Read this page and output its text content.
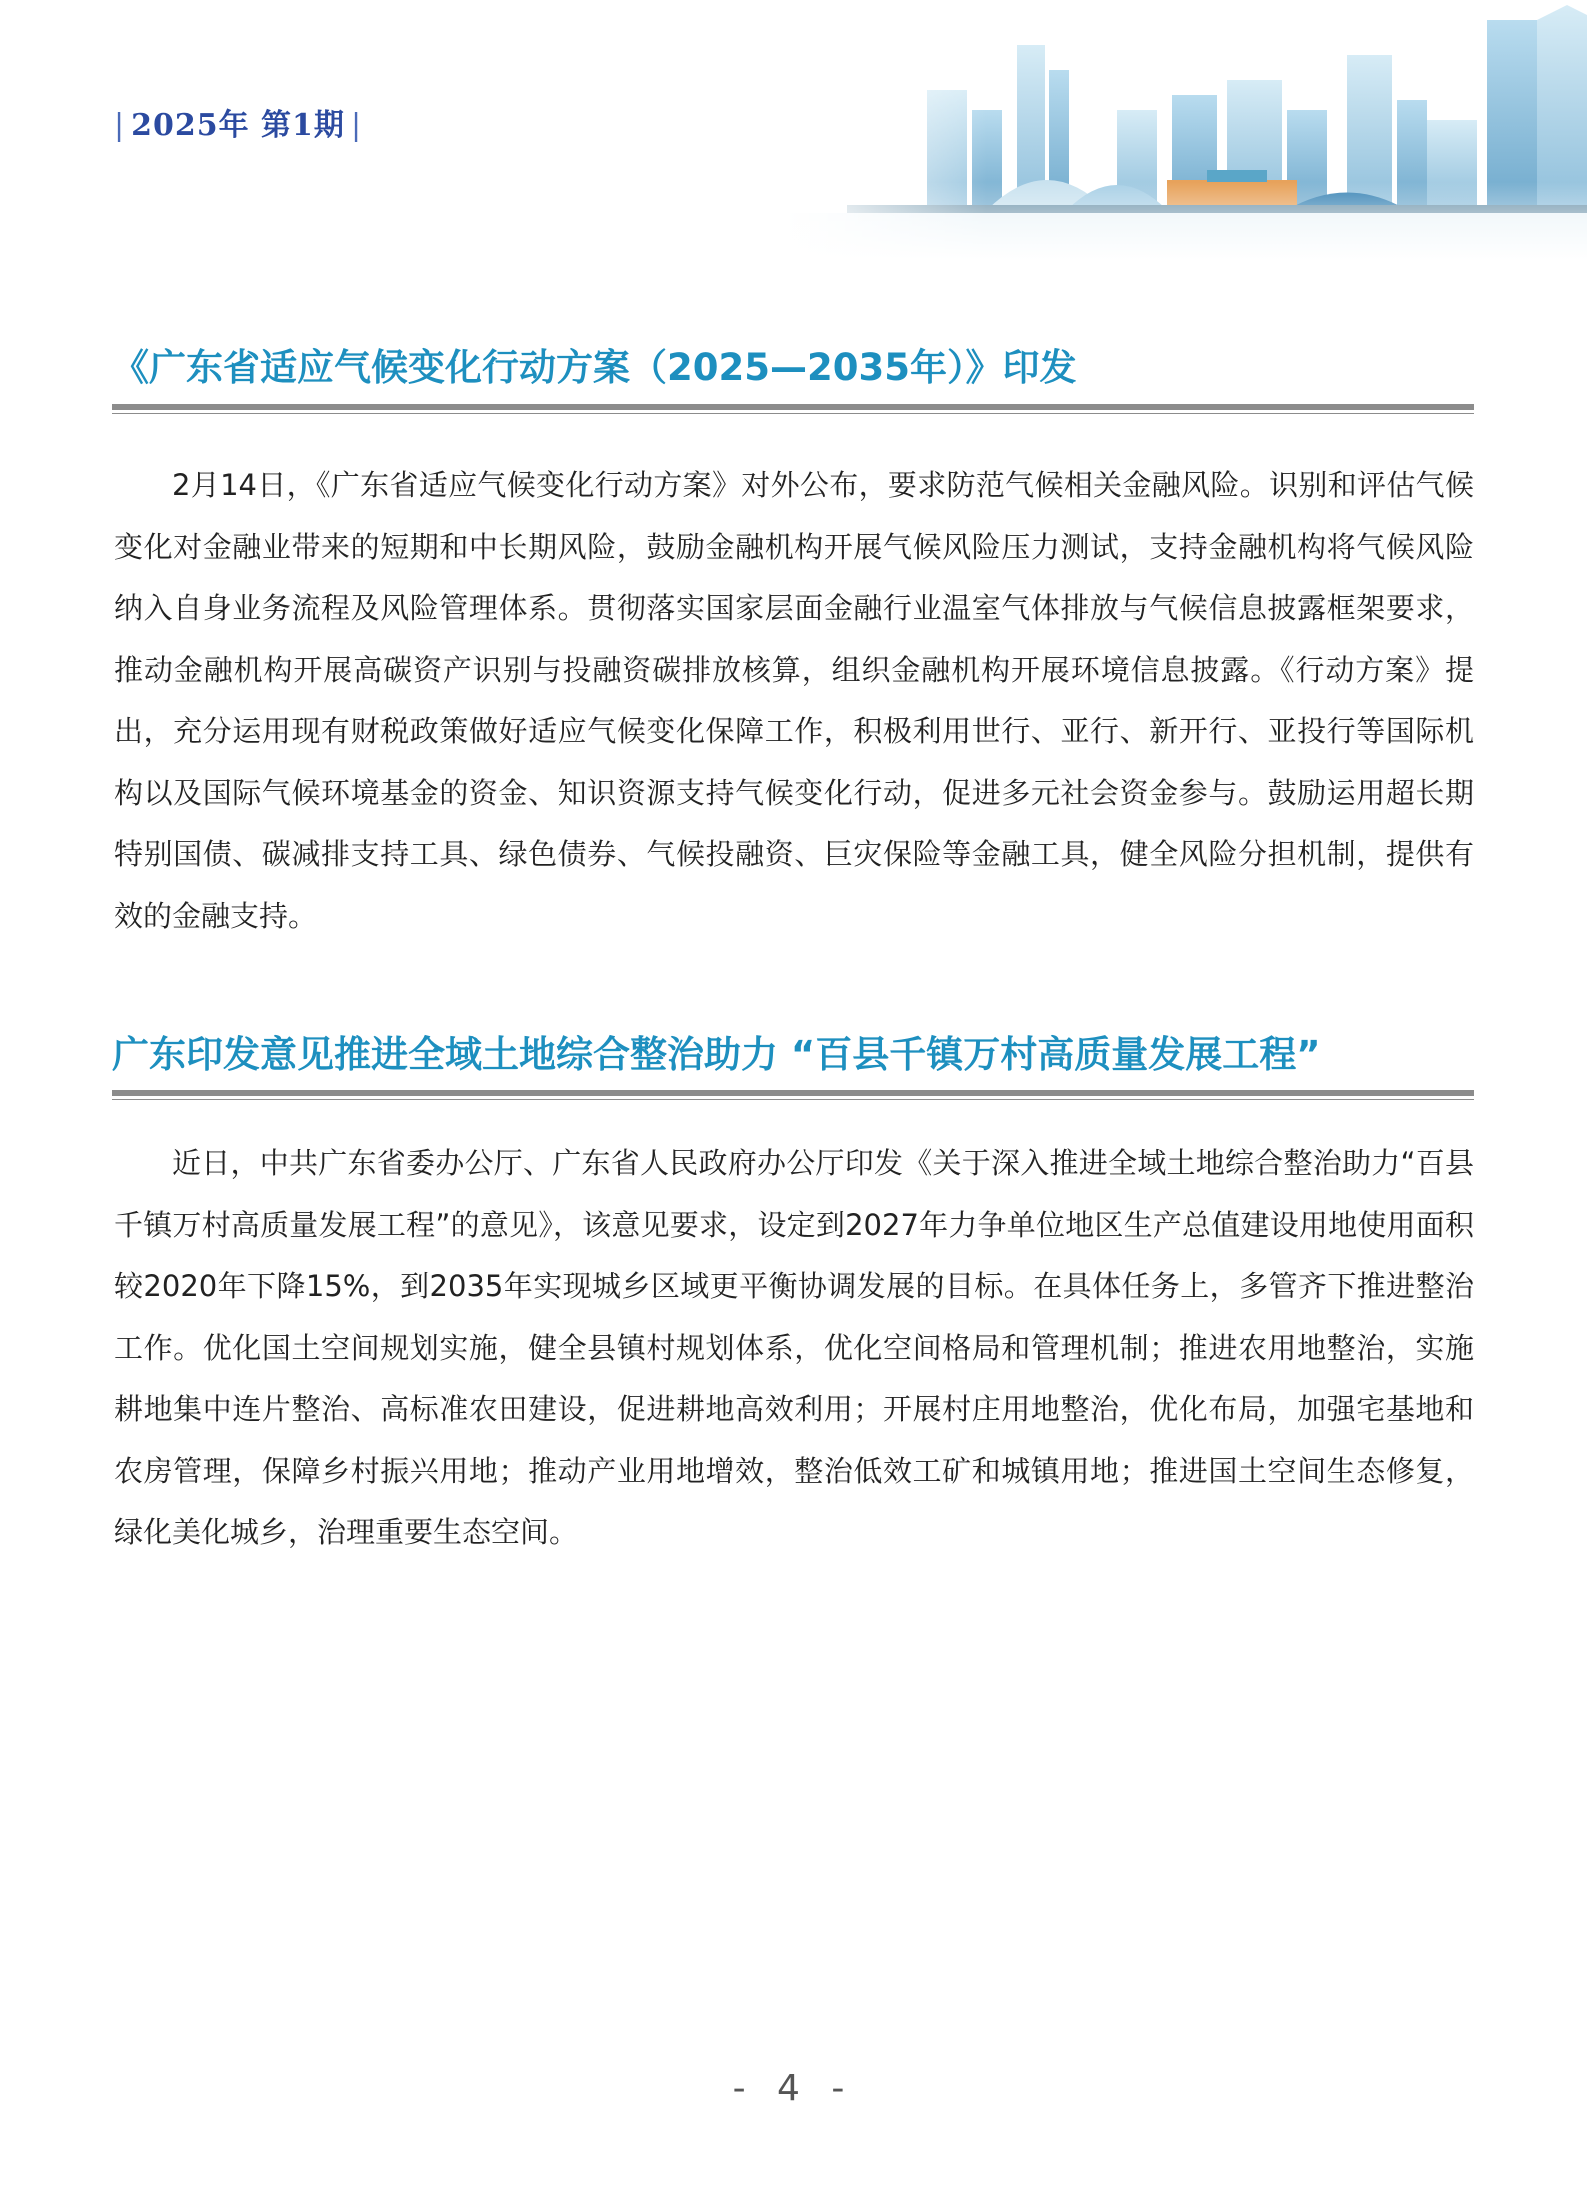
| 2025年 第1期 |
《广东省适应气候变化行动方案（2025—2035年）》印发
2月14日，《广东省适应气候变化行动方案》对外公布，要求防范气候相关金融风险。识别和评估气候变化对金融业带来的短期和中长期风险，鼓励金融机构开展气候风险压力测试，支持金融机构将气候风险纳入自身业务流程及风险管理体系。贯彻落实国家层面金融行业温室气体排放与气候信息披露框架要求，推动金融机构开展高碳资产识别与投融资碳排放核算，组织金融机构开展环境信息披露。《行动方案》提出，充分运用现有财税政策做好适应气候变化保障工作，积极利用世行、亚行、新开行、亚投行等国际机构以及国际气候环境基金的资金、知识资源支持气候变化行动，促进多元社会资金参与。鼓励运用超长期特别国债、碳减排支持工具、绿色债券、气候投融资、巨灾保险等金融工具，健全风险分担机制，提供有效的金融支持。
广东印发意见推进全域土地综合整治助力 “百县千镇万村高质量发展工程”
近日，中共广东省委办公厅、广东省人民政府办公厅印发《关于深入推进全域土地综合整治助力“百县千镇万村高质量发展工程”的意见》，该意见要求，设定到2027年力争单位地区生产总值建设用地使用面积较2020年下降15%，到2035年实现城乡区域更平衡协调发展的目标。在具体任务上，多管齐下推进整治工作。优化国土空间规划实施，健全县镇村规划体系，优化空间格局和管理机制；推进农用地整治，实施耕地集中连片整治、高标准农田建设，促进耕地高效利用；开展村庄用地整治，优化布局，加强宅基地和农房管理，保障乡村振兴用地；推动产业用地增效，整治低效工矿和城镇用地；推进国土空间生态修复，绿化美化城乡，治理重要生态空间。
- 4 -
